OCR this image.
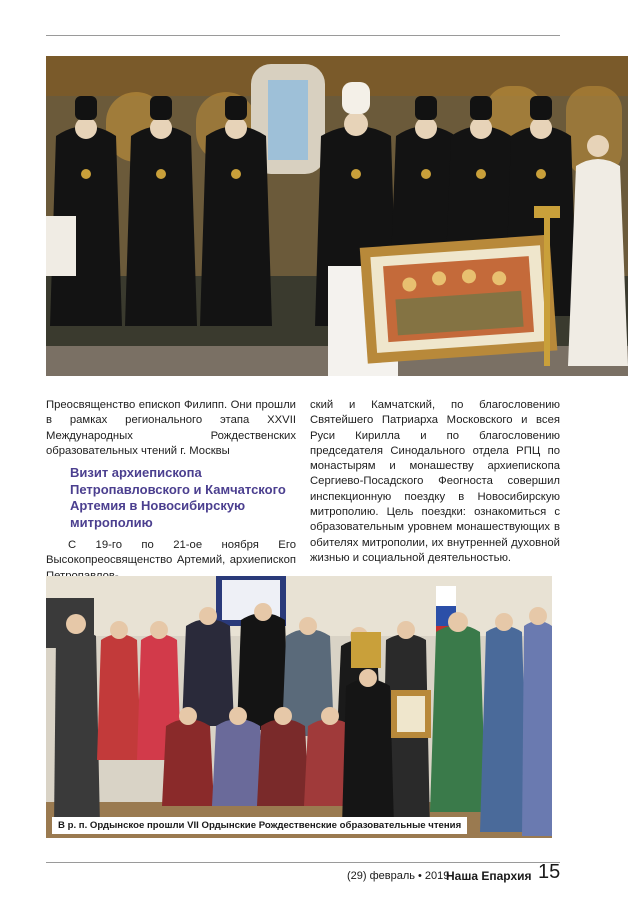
Преосвященство епископ Филипп. Они прошли в рамках регионального этапа XXVII Международных Рождественских образовательных чтений г. Москвы

Визит архиепископа Петропавловского и Камчатского Артемия в Новосибирскую митрополию

С 19-го по 21-ое ноября Его Высокопреосвященство Артемий, архиепископ

ский и Камчатский, по благословению Святейшего Патриарха Московского и всея Руси Кирилла и по благословению председателя Синодального отдела РПЦ по монастырям и монашеству архиепископа Сергиево-Посадского Феогноста совершил инспекционную поездку в Новосибирскую митрополию. Цель поездки: ознакомиться с образовательным уровнем монашествующих в обителях митрополии, их внутренней духовной жизнью и социальной деятельностью.

В р. п. Ордынское прошли VII Ордынские Рождественские образовательные чтения
(29) февраль • 2019
Наша Епархия 15
